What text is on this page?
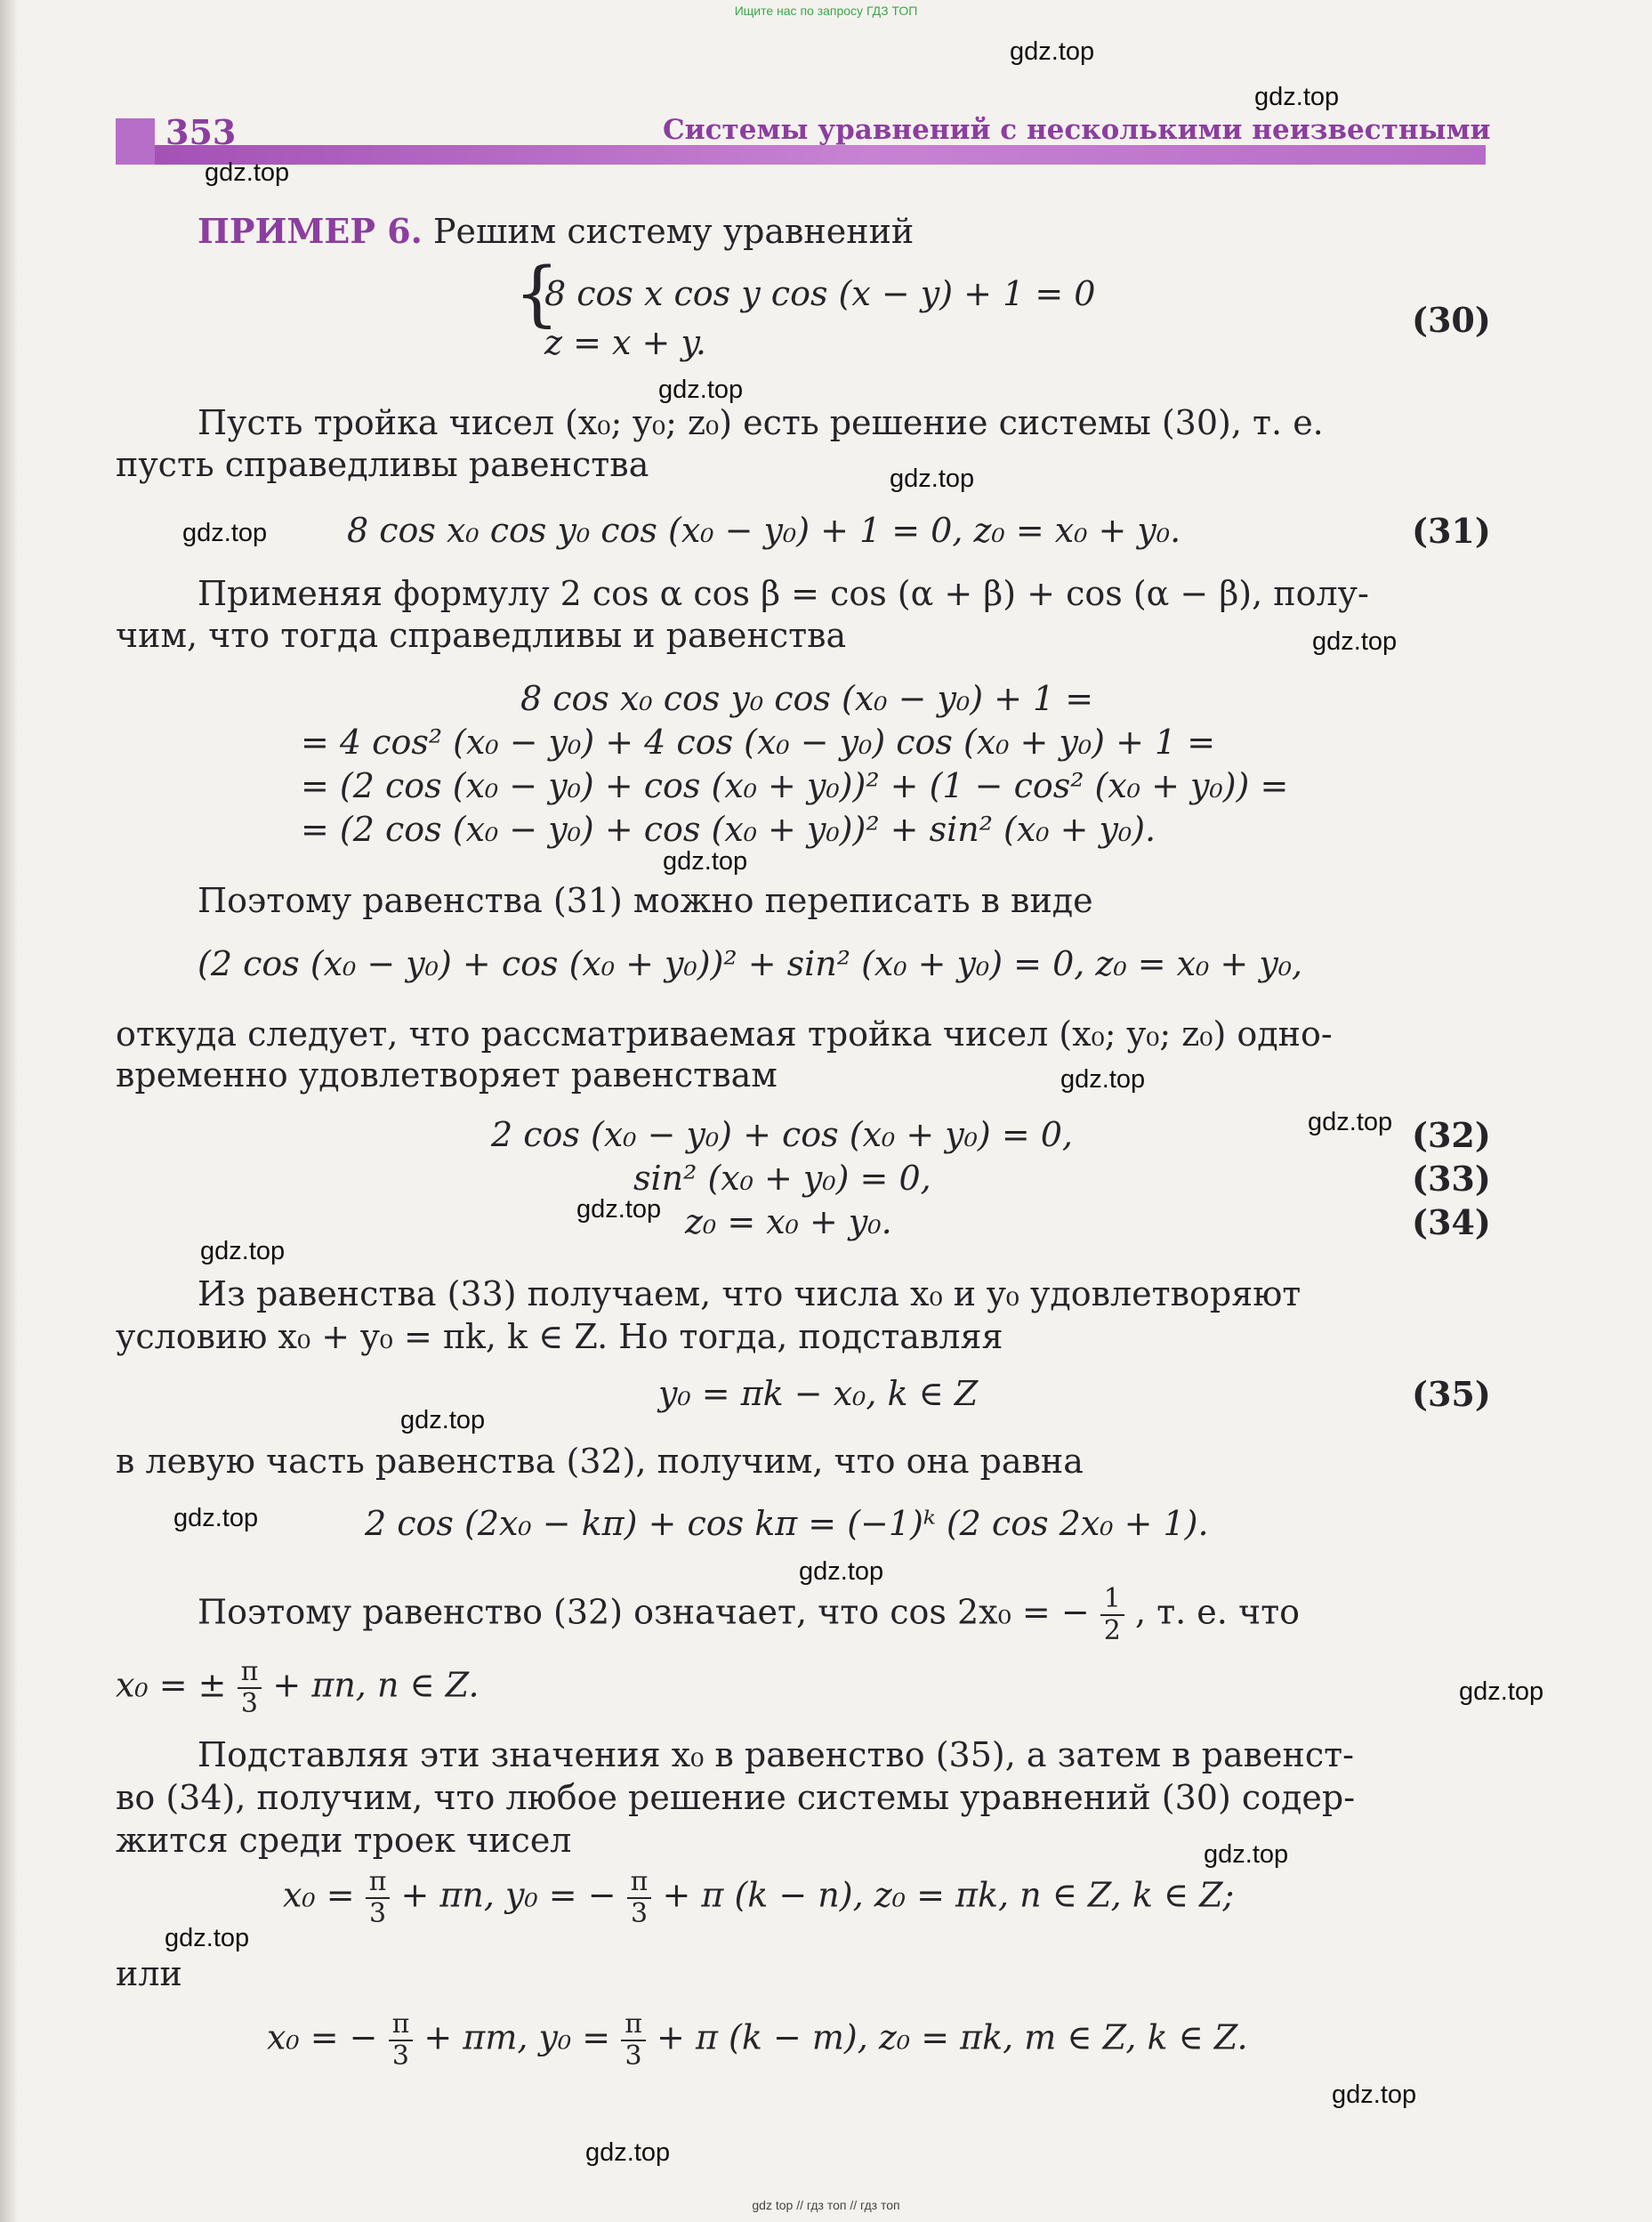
Ищите нас по запросу ГДЗ ТОП
353	Системы уравнений с несколькими неизвестными
ПРИМЕР 6. Решим систему уравнений
{
8 cos x cos y cos (x − y) + 1 = 0
z = x + y.
(30)
Пусть тройка чисел (x₀; y₀; z₀) есть решение системы (30), т. е.
пусть справедливы равенства
8 cos x₀ cos y₀ cos (x₀ − y₀) + 1 = 0, z₀ = x₀ + y₀.	(31)
Применяя формулу 2 cos α cos β = cos (α + β) + cos (α − β), полу-
чим, что тогда справедливы и равенства
8 cos x₀ cos y₀ cos (x₀ − y₀) + 1 =
= 4 cos² (x₀ − y₀) + 4 cos (x₀ − y₀) cos (x₀ + y₀) + 1 =
= (2 cos (x₀ − y₀) + cos (x₀ + y₀))² + (1 − cos² (x₀ + y₀)) =
= (2 cos (x₀ − y₀) + cos (x₀ + y₀))² + sin² (x₀ + y₀).
Поэтому равенства (31) можно переписать в виде
(2 cos (x₀ − y₀) + cos (x₀ + y₀))² + sin² (x₀ + y₀) = 0, z₀ = x₀ + y₀,
откуда следует, что рассматриваемая тройка чисел (x₀; y₀; z₀) одно-
временно удовлетворяет равенствам
2 cos (x₀ − y₀) + cos (x₀ + y₀) = 0,	(32)
sin² (x₀ + y₀) = 0,	(33)
z₀ = x₀ + y₀.	(34)
Из равенства (33) получаем, что числа x₀ и y₀ удовлетворяют
условию x₀ + y₀ = πk, k ∈ Z. Но тогда, подставляя
y₀ = πk − x₀, k ∈ Z	(35)
в левую часть равенства (32), получим, что она равна
2 cos (2x₀ − kπ) + cos kπ = (−1)ᵏ (2 cos 2x₀ + 1).
Поэтому равенство (32) означает, что cos 2x₀ = − $\frac{1}{2}$ , т. е. что
x₀ = ± $\frac{\pi}{3} + \pi n$, n ∈ Z.
Подставляя эти значения x₀ в равенство (35), а затем в равенст-
во (34), получим, что любое решение системы уравнений (30) содер-
жится среди троек чисел
$x_0 = \frac{\pi}{3} + \pi n$, y₀ = − $\frac{\pi}{3} + \pi$ (k − n), z₀ = πk, n ∈ Z, k ∈ Z;
или
x₀ = − $\frac{\pi}{3} + \pi m$, $y_0 = \frac{\pi}{3} + \pi$ (k − m), z₀ = πk, m ∈ Z, k ∈ Z.
gdz.top
gdz.top
gdz.top
gdz.top
gdz.top
gdz.top
gdz.top
gdz.top
gdz.top
gdz.top
gdz.top
gdz.top
gdz.top
gdz.top
gdz.top
gdz.top
gdz.top
gdz.top
gdz.top
gdz.top
gdz top // гдз топ // гдз топ
